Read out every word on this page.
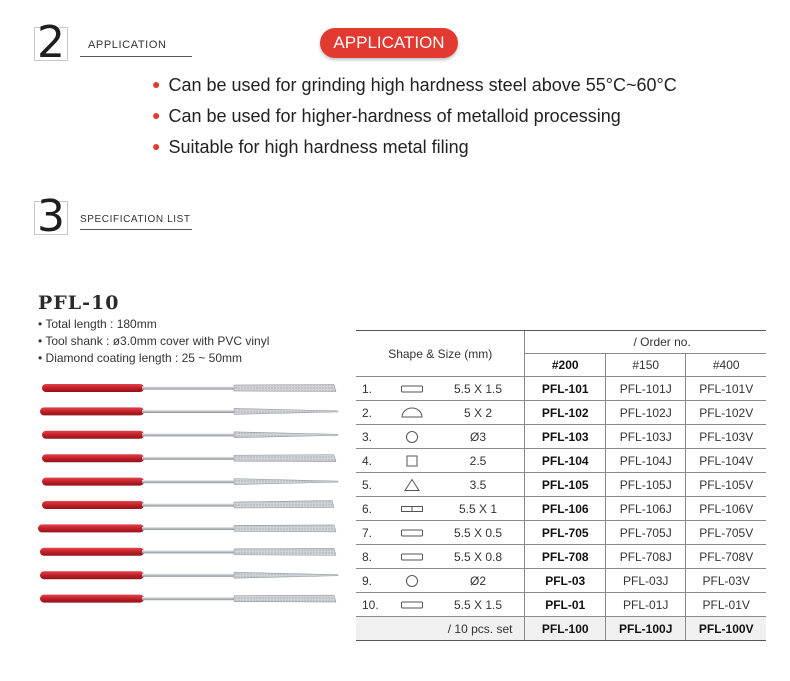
2 APPLICATION	APPLICATION
● Can be used for grinding high hardness steel above 55°C~60°C
● Can be used for higher-hardness of metalloid processing
● Suitable for high hardness metal filing
3 SPECIFICATION LIST
PFL-10
• Total length : 180mm
• Tool shank : ø3.0mm cover with PVC vinyl
• Diamond coating length : 25 ~ 50mm	Shape & Size (mm)			/ Order no.		
			#200	#150	#400
1.		5.5 X 1.5	PFL-101	PFL-101J	PFL-101V
2.		5 X 2	PFL-102	PFL-102J	PFL-102V
3.		Ø3	PFL-103	PFL-103J	PFL-103V
4.		2.5	PFL-104	PFL-104J	PFL-104V
5.		3.5	PFL-105	PFL-105J	PFL-105V
6.		5.5 X 1	PFL-106	PFL-106J	PFL-106V
7.		5.5 X 0.5	PFL-705	PFL-705J	PFL-705V
8.		5.5 X 0.8	PFL-708	PFL-708J	PFL-708V
9.		Ø2	PFL-03	PFL-03J	PFL-03V
10.		5.5 X 1.5	PFL-01	PFL-01J	PFL-01V
/ 10 pcs. set			PFL-100	PFL-100J	PFL-100V
